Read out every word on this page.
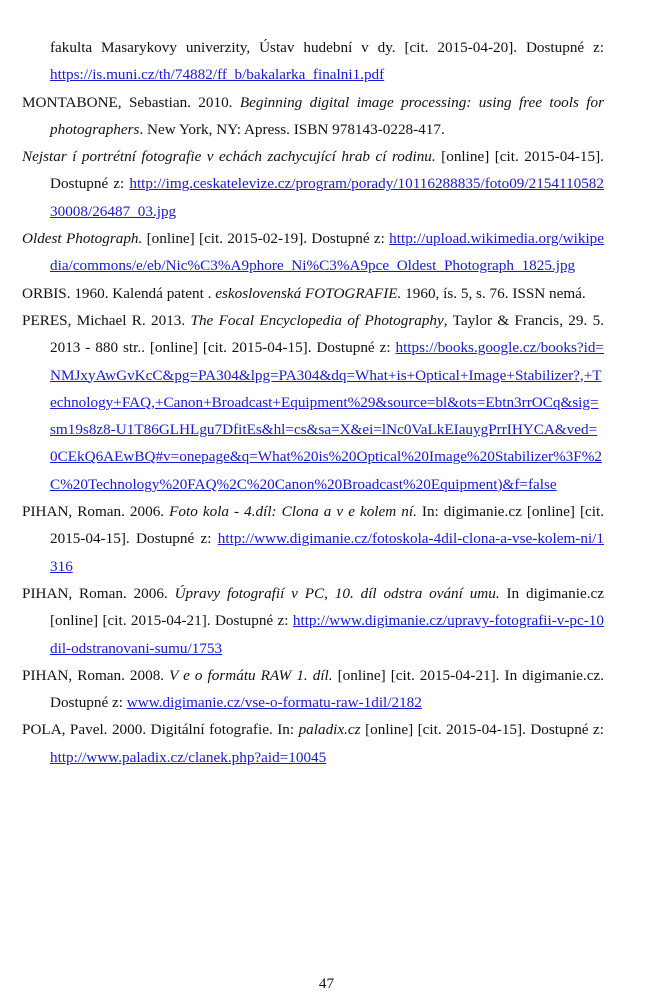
fakulta Masarykovy univerzity, Ústav hudební v dy. [cit. 2015-04-20]. Dostupné z: https://is.muni.cz/th/74882/ff_b/bakalarka_finalni1.pdf

MONTABONE, Sebastian. 2010. Beginning digital image processing: using free tools for photographers. New York, NY: Apress. ISBN 978143-0228-417.

Nejstar í portrétní fotografie v echách zachycující hrab cí rodinu. [online] [cit. 2015-04-15]. Dostupné z: http://img.ceskatelevize.cz/program/porady/10116288835/foto09/215411058230008/26487_03.jpg

Oldest Photograph. [online] [cit. 2015-02-19]. Dostupné z: http://upload.wikimedia.org/wikipedia/commons/e/eb/Nic%C3%A9phore_Ni%C3%A9pce_Oldest_Photograph_1825.jpg

ORBIS. 1960. Kalendá patent . eskoslovenská FOTOGRAFIE. 1960, ís. 5, s. 76. ISSN nemá.

PERES, Michael R. 2013. The Focal Encyclopedia of Photography, Taylor & Francis, 29. 5. 2013 - 880 str.. [online] [cit. 2015-04-15]. Dostupné z: https://books.google.cz/books?id=NMJxyAwGvKcC&pg=PA304&lpg=PA304&dq=What+is+Optical+Image+Stabilizer?,+Technology+FAQ,+Canon+Broadcast+Equipment%29&source=bl&ots=Ebtn3rrOCq&sig=sm19s8z8-U1T86GLHLgu7DfitEs&hl=cs&sa=X&ei=lNc0VaLkEIauygPrrIHYCA&ved=0CEkQ6AEwBQ#v=onepage&q=What%20is%20Optical%20Image%20Stabilizer%3F%2C%20Technology%20FAQ%2C%20Canon%20Broadcast%20Equipment)&f=false

PIHAN, Roman. 2006. Foto kola - 4.díl: Clona a v e kolem ní. In: digimanie.cz [online] [cit. 2015-04-15]. Dostupné z: http://www.digimanie.cz/fotoskola-4dil-clona-a-vse-kolem-ni/1316

PIHAN, Roman. 2006. Úpravy fotografií v PC, 10. díl odstra ování umu. In digimanie.cz [online] [cit. 2015-04-21]. Dostupné z: http://www.digimanie.cz/upravy-fotografii-v-pc-10dil-odstranovani-sumu/1753

PIHAN, Roman. 2008. V e o formátu RAW 1. díl. [online] [cit. 2015-04-21]. In digimanie.cz. Dostupné z: www.digimanie.cz/vse-o-formatu-raw-1dil/2182

POLA, Pavel. 2000. Digitální fotografie. In: paladix.cz [online] [cit. 2015-04-15]. Dostupné z: http://www.paladix.cz/clanek.php?aid=10045

47
